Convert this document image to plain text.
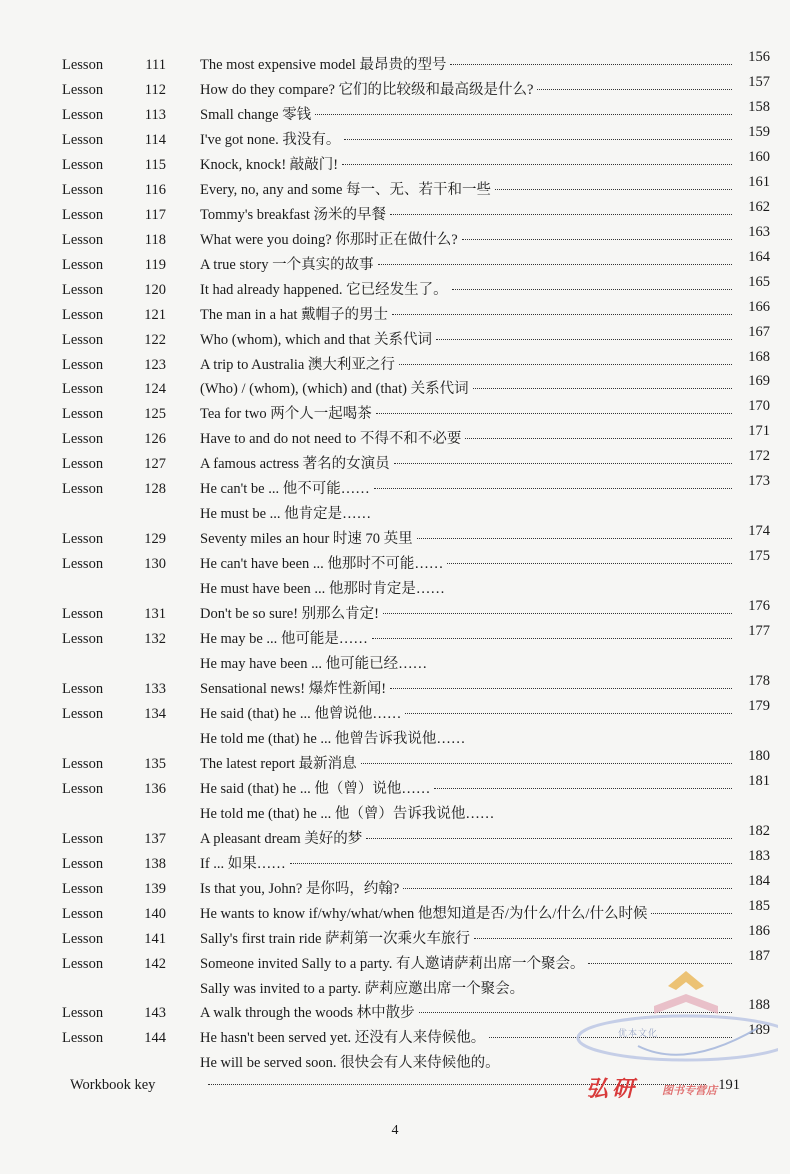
Lesson	111 The most expensive model 最昂贵的型号	156
Lesson	112 How do they compare? 它们的比较级和最高级是什么?	157
Lesson	113 Small change 零钱	158
Lesson	114 I've got none. 我没有。	159
Lesson	115 Knock, knock! 敲敲门!	160
Lesson	116 Every, no, any and some 每一、无、若干和一些	161
Lesson	117 Tommy's breakfast 汤米的早餐	162
Lesson	118 What were you doing? 你那时正在做什么?	163
Lesson	119 A true story 一个真实的故事	164
Lesson	120 It had already happened. 它已经发生了。	165
Lesson	121 The man in a hat 戴帽子的男士	166
Lesson	122 Who (whom), which and that 关系代词	167
Lesson	123 A trip to Australia 澳大利亚之行	168
Lesson	124 (Who) / (whom), (which) and (that) 关系代词	169
Lesson	125 Tea for two 两个人一起喝茶	170
Lesson	126 Have to and do not need to 不得不和不必要	171
Lesson	127 A famous actress 著名的女演员	172
Lesson	128 He can't be ... 他不可能……	173
He must be ... 他肯定是……
Lesson	129 Seventy miles an hour 时速 70 英里	174
Lesson	130 He can't have been ... 他那时不可能……	175
He must have been ... 他那时肯定是……
Lesson	131 Don't be so sure! 别那么肯定!	176
Lesson	132 He may be ... 他可能是……	177
He may have been ... 他可能已经……
Lesson	133 Sensational news! 爆炸性新闻!	178
Lesson	134 He said (that) he ... 他曾说他……	179
He told me (that) he ... 他曾告诉我说他……
Lesson	135 The latest report 最新消息	180
Lesson	136 He said (that) he ... 他（曾）说他……	181
He told me (that) he ... 他（曾）告诉我说他……
Lesson	137 A pleasant dream 美好的梦	182
Lesson	138 If ... 如果……	183
Lesson	139 Is that you, John? 是你吗，约翰?	184
Lesson	140 He wants to know if/why/what/when 他想知道是否/为什么/什么/什么时候	185
Lesson	141 Sally's first train ride 萨莉第一次乘火车旅行	186
Lesson	142 Someone invited Sally to a party. 有人邀请萨莉出席一个聚会。	187
Sally was invited to a party. 萨莉应邀出席一个聚会。
Lesson	143 A walk through the woods 林中散步	188
Lesson	144 He hasn't been served yet. 还没有人来侍候他。	189
He will be served soon. 很快会有人来侍候他的。
Workbook key	191
4
优本文化
弘研 图书专营店
